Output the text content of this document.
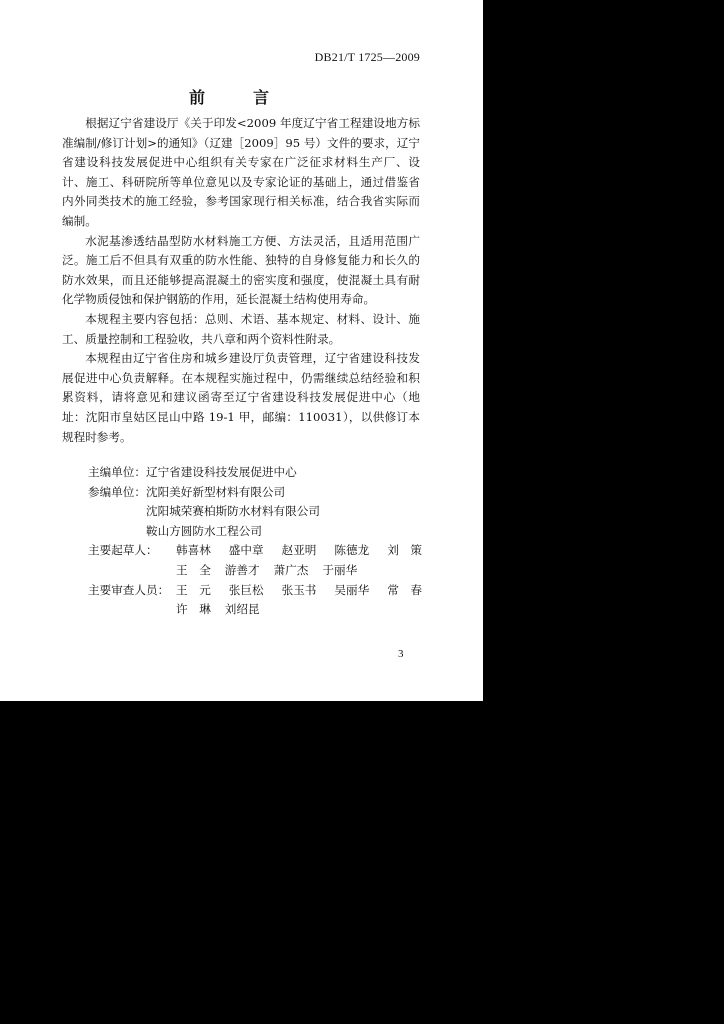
DB21/T 1725—2009
前	言

根据辽宁省建设厅《关于印发<2009 年度辽宁省工程建设地方标准编制/修订计划>的通知》（辽建［2009］95 号）文件的要求，辽宁省建设科技发展促进中心组织有关专家在广泛征求材料生产厂、设计、施工、科研院所等单位意见以及专家论证的基础上，通过借鉴省内外同类技术的施工经验，参考国家现行相关标准，结合我省实际而编制。

水泥基渗透结晶型防水材料施工方便、方法灵活，且适用范围广泛。施工后不但具有双重的防水性能、独特的自身修复能力和长久的防水效果，而且还能够提高混凝土的密实度和强度，使混凝土具有耐化学物质侵蚀和保护钢筋的作用，延长混凝土结构使用寿命。

本规程主要内容包括：总则、术语、基本规定、材料、设计、施工、质量控制和工程验收，共八章和两个资料性附录。

本规程由辽宁省住房和城乡建设厅负责管理，辽宁省建设科技发展促进中心负责解释。在本规程实施过程中，仍需继续总结经验和积累资料，请将意见和建议函寄至辽宁省建设科技发展促进中心（地址：沈阳市皇姑区昆山中路 19-1 甲，邮编：110031），以供修订本规程时参考。

主编单位： 辽宁省建设科技发展促进中心
参编单位： 沈阳美好新型材料有限公司
沈阳城荣赛柏斯防水材料有限公司
鞍山方圆防水工程公司
主要起草人：	韩喜林 盛中章 赵亚明 陈德龙 刘　策
王　全 游善才 萧广杰 于丽华
主要审查人员： 王　元 张巨松 张玉书 吴丽华 常　春
许　琳 刘绍昆
3
